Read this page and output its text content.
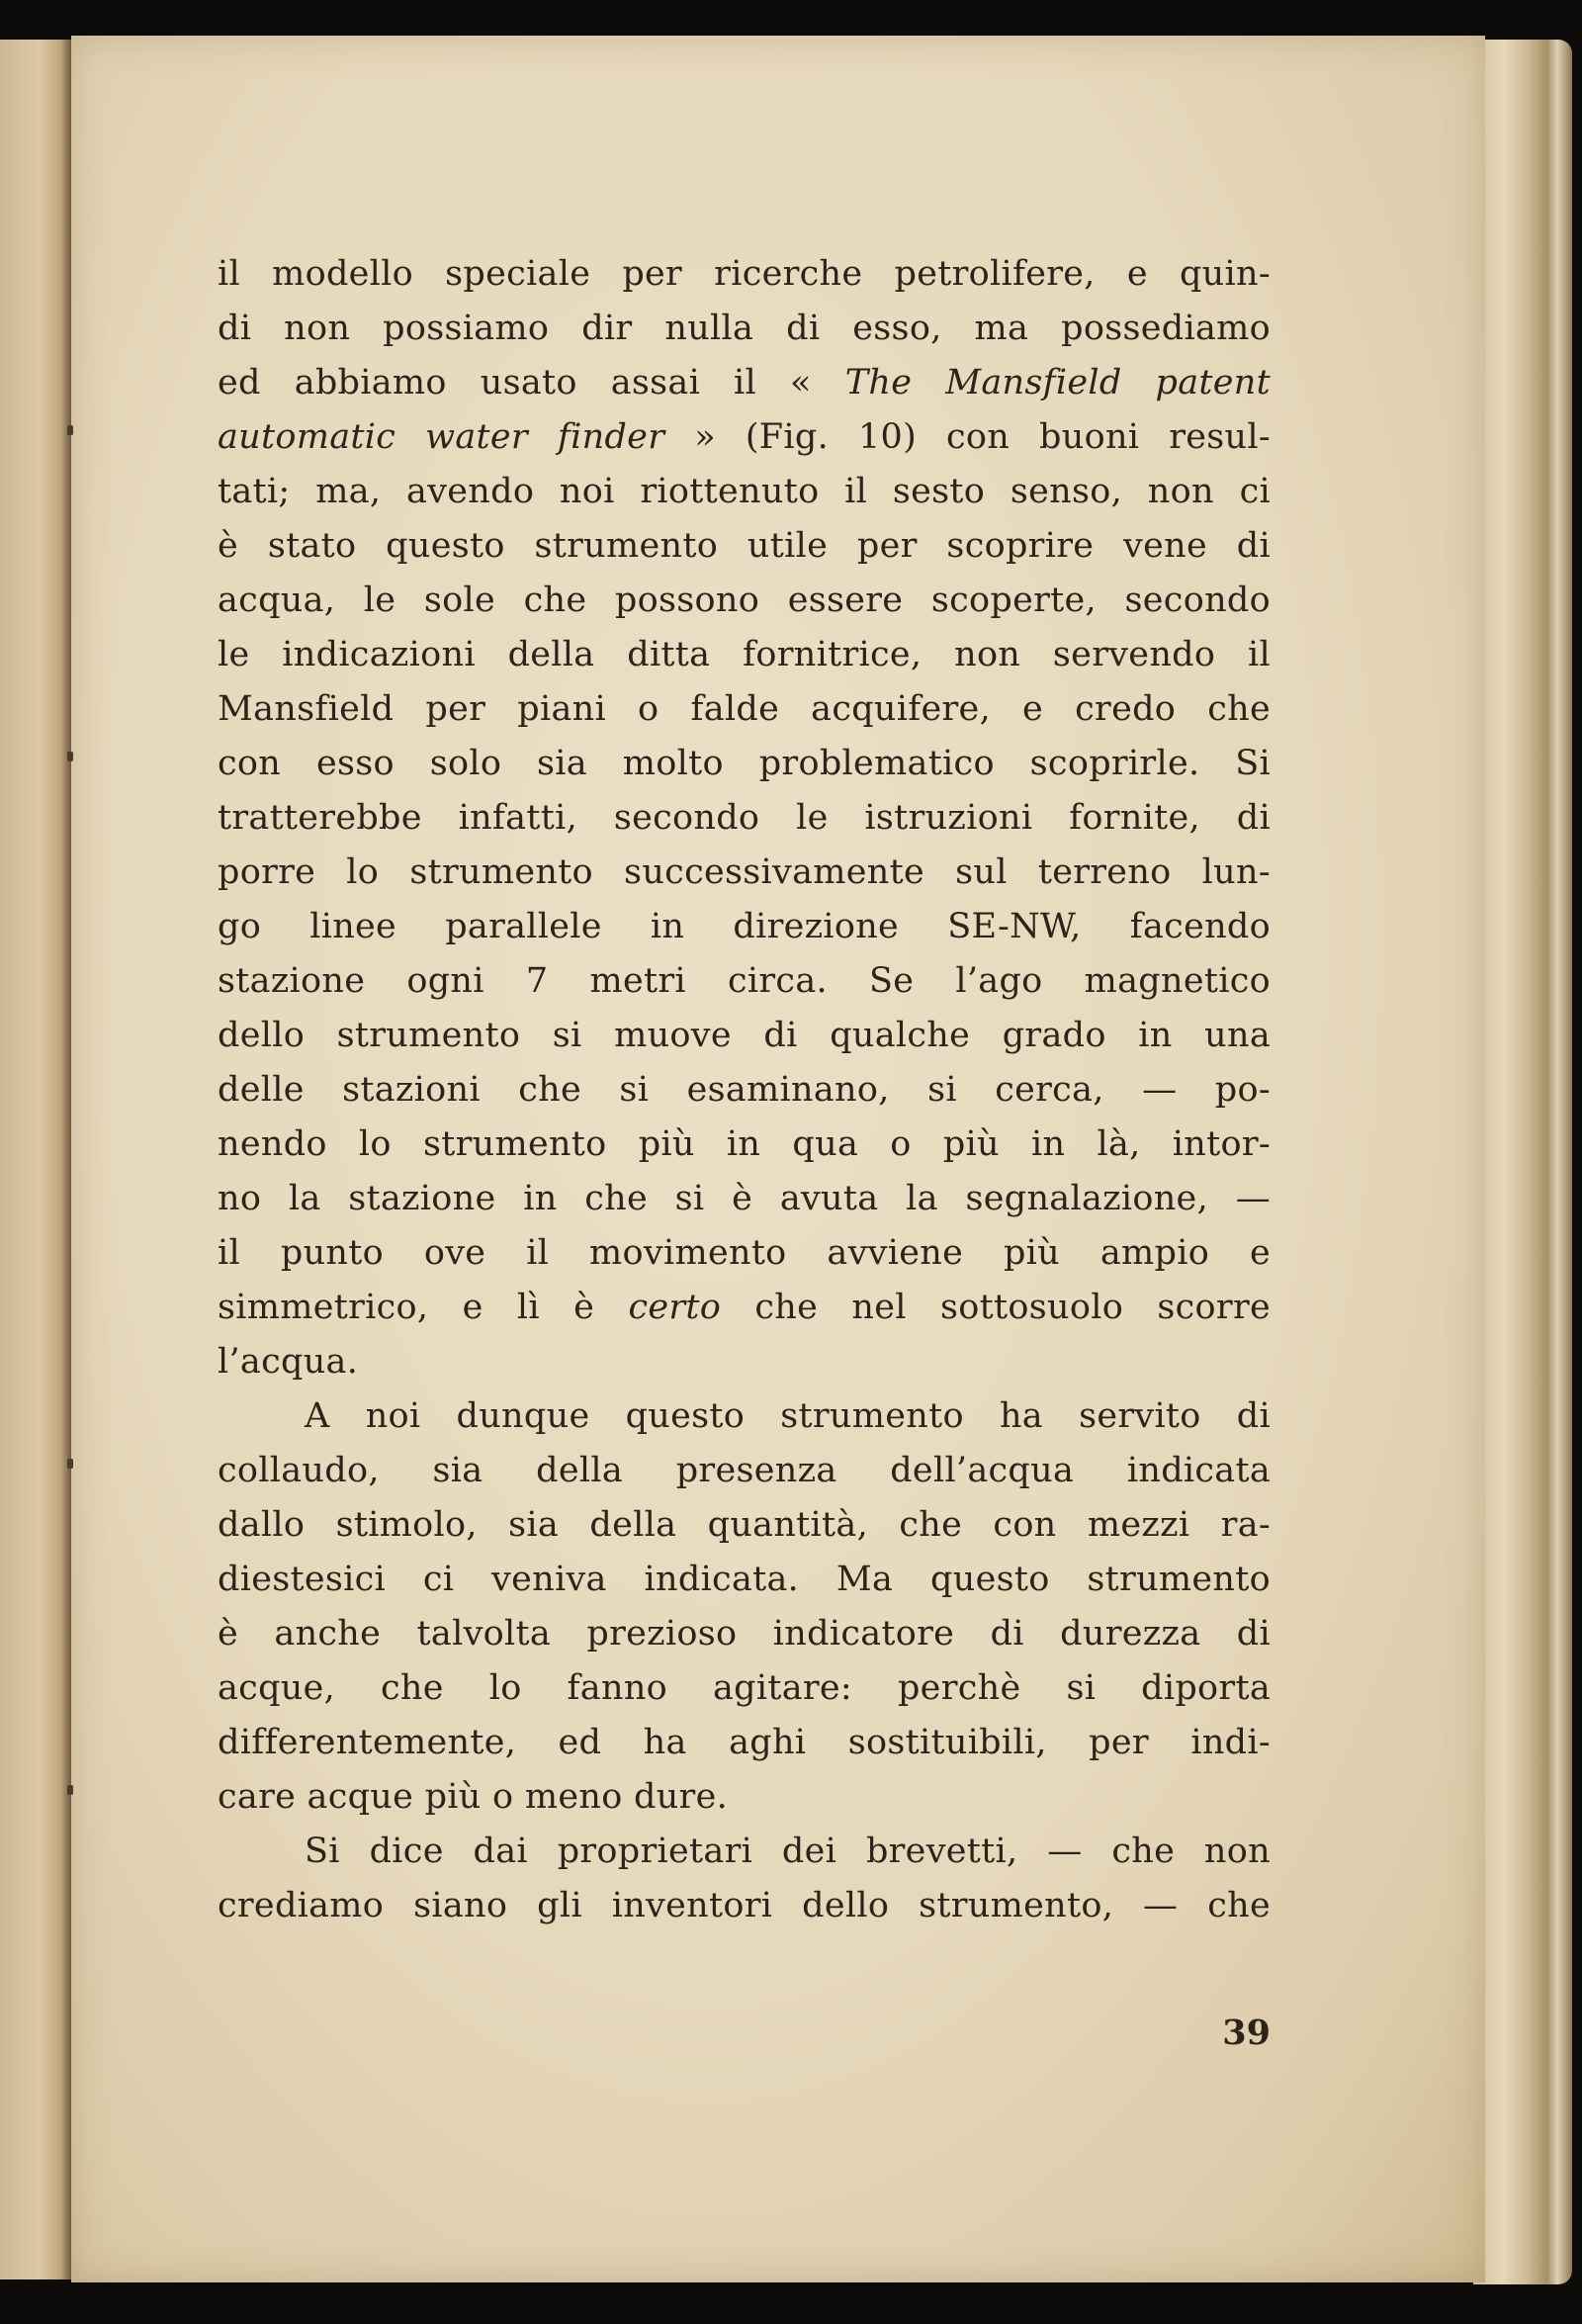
il modello speciale per ricerche petrolifere, e quin-
di non possiamo dir nulla di esso, ma possediamo
ed abbiamo usato assai il « The Mansfield patent
automatic water finder » (Fig. 10) con buoni resul-
tati; ma, avendo noi riottenuto il sesto senso, non ci
è stato questo strumento utile per scoprire vene di
acqua, le sole che possono essere scoperte, secondo
le indicazioni della ditta fornitrice, non servendo il
Mansfield per piani o falde acquifere, e credo che
con esso solo sia molto problematico scoprirle. Si
tratterebbe infatti, secondo le istruzioni fornite, di
porre lo strumento successivamente sul terreno lun-
go linee parallele in direzione SE-NW, facendo
stazione ogni 7 metri circa. Se l’ago magnetico
dello strumento si muove di qualche grado in una
delle stazioni che si esaminano, si cerca, — po-
nendo lo strumento più in qua o più in là, intor-
no la stazione in che si è avuta la segnalazione, —
il punto ove il movimento avviene più ampio e
simmetrico, e lì è certo che nel sottosuolo scorre
l’acqua.
A noi dunque questo strumento ha servito di
collaudo, sia della presenza dell’acqua indicata
dallo stimolo, sia della quantità, che con mezzi ra-
diestesici ci veniva indicata. Ma questo strumento
è anche talvolta prezioso indicatore di durezza di
acque, che lo fanno agitare: perchè si diporta
differentemente, ed ha aghi sostituibili, per indi-
care acque più o meno dure.
Si dice dai proprietari dei brevetti, — che non
crediamo siano gli inventori dello strumento, — che
39
